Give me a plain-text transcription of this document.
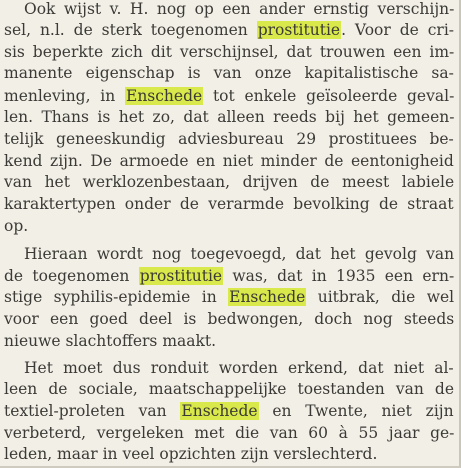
Ook wijst v. H. nog op een ander ernstig verschijn-
sel, n.l. de sterk toegenomen prostitutie. Voor de cri-
sis beperkte zich dit verschijnsel, dat trouwen een im-
manente eigenschap is van onze kapitalistische sa-
menleving, in Enschede tot enkele geïsoleerde geval-
len. Thans is het zo, dat alleen reeds bij het gemeen-
telijk geneeskundig adviesbureau 29 prostituees be-
kend zijn. De armoede en niet minder de eentonigheid
van het werklozenbestaan, drijven de meest labiele
karaktertypen onder de verarmde bevolking de straat
op.
Hieraan wordt nog toegevoegd, dat het gevolg van
de toegenomen prostitutie was, dat in 1935 een ern-
stige syphilis-epidemie in Enschede uitbrak, die wel
voor een goed deel is bedwongen, doch nog steeds
nieuwe slachtoffers maakt.
Het moet dus ronduit worden erkend, dat niet al-
leen de sociale, maatschappelijke toestanden van de
textiel-proleten van Enschede en Twente, niet zijn
verbeterd, vergeleken met die van 60 à 55 jaar ge-
leden, maar in veel opzichten zijn verslechterd.
